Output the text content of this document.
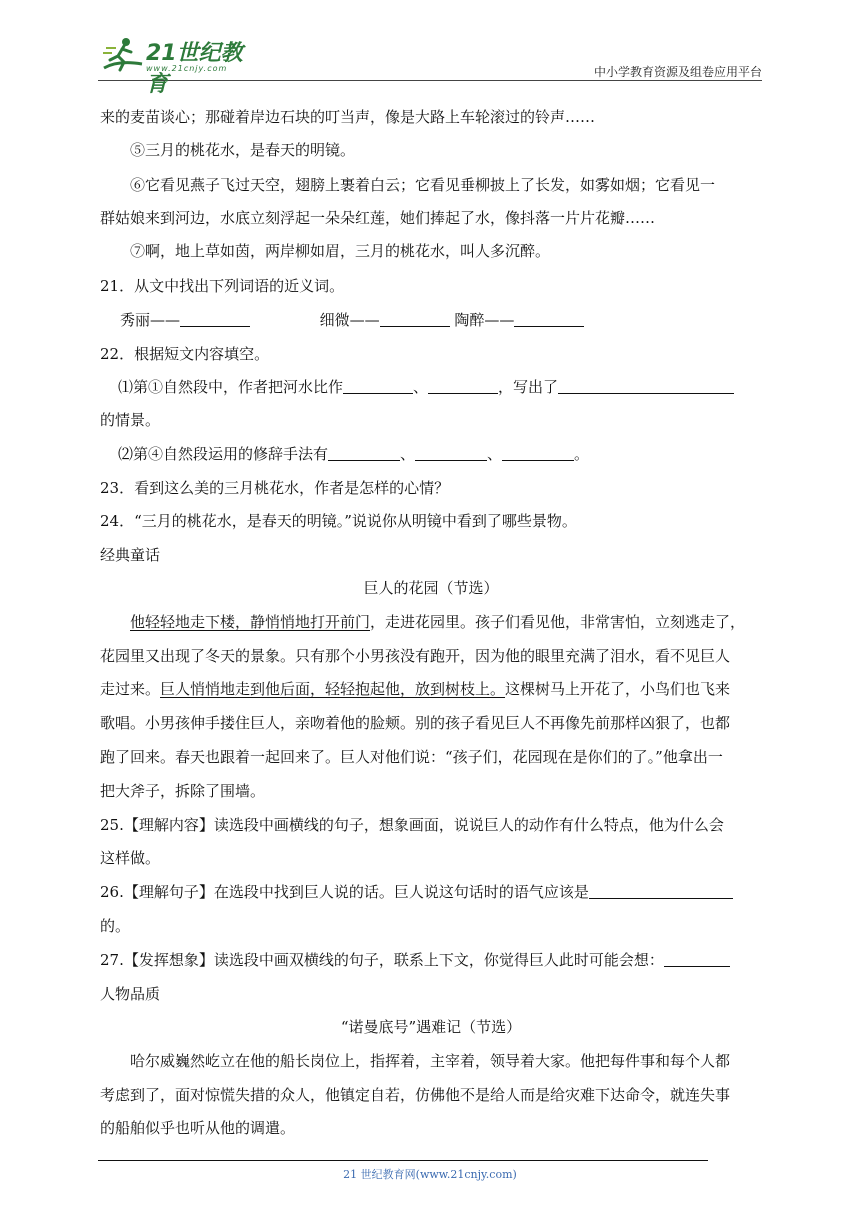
21世纪教育
www.21cnjy.com	中小学教育资源及组卷应用平台
来的麦苗谈心；那碰着岸边石块的叮当声，像是大路上车轮滚过的铃声……
⑤三月的桃花水，是春天的明镜。
⑥它看见燕子飞过天空，翅膀上裹着白云；它看见垂柳披上了长发，如雾如烟；它看见一
群姑娘来到河边，水底立刻浮起一朵朵红莲，她们捧起了水，像抖落一片片花瓣……
⑦啊，地上草如茵，两岸柳如眉，三月的桃花水，叫人多沉醉。
21．从文中找出下列词语的近义词。
秀丽——	细微——	陶醉——
22．根据短文内容填空。
⑴第①自然段中，作者把河水比作	、	，写出了
的情景。
⑵第④自然段运用的修辞手法有	、	、	。
23．看到这么美的三月桃花水，作者是怎样的心情？
24．“三月的桃花水，是春天的明镜。”说说你从明镜中看到了哪些景物。
经典童话
巨人的花园（节选）
他轻轻地走下楼，静悄悄地打开前门，走进花园里。孩子们看见他，非常害怕，立刻逃走了，
花园里又出现了冬天的景象。只有那个小男孩没有跑开，因为他的眼里充满了泪水，看不见巨人
走过来。巨人悄悄地走到他后面，轻轻抱起他，放到树枝上。这棵树马上开花了，小鸟们也飞来
歌唱。小男孩伸手搂住巨人，亲吻着他的脸颊。别的孩子看见巨人不再像先前那样凶狠了，也都
跑了回来。春天也跟着一起回来了。巨人对他们说：“孩子们，花园现在是你们的了。”他拿出一
把大斧子，拆除了围墙。
25.【理解内容】读选段中画横线的句子，想象画面，说说巨人的动作有什么特点，他为什么会
这样做。
26.【理解句子】在选段中找到巨人说的话。巨人说这句话时的语气应该是
的。
27.【发挥想象】读选段中画双横线的句子，联系上下文，你觉得巨人此时可能会想：
人物品质
“诺曼底号”遇难记（节选）
哈尔威巍然屹立在他的船长岗位上，指挥着，主宰着，领导着大家。他把每件事和每个人都
考虑到了，面对惊慌失措的众人，他镇定自若，仿佛他不是给人而是给灾难下达命令，就连失事
的船舶似乎也听从他的调遣。
21 世纪教育网(www.21cnjy.com)
